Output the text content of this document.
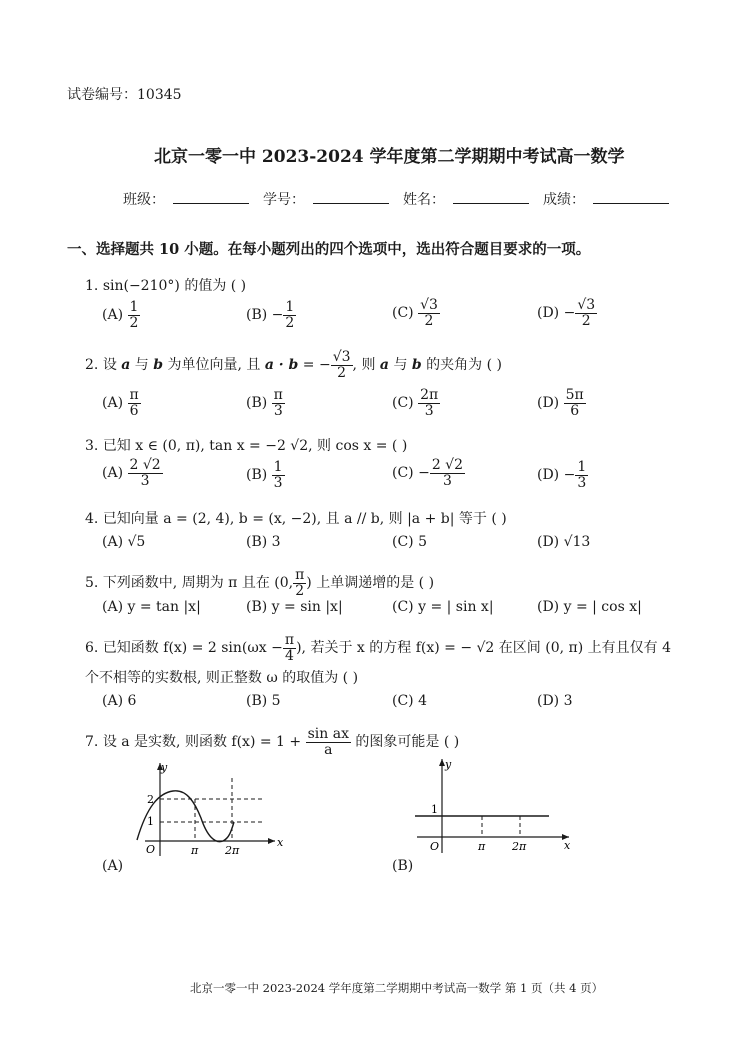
试卷编号：10345
北京一零一中 2023-2024 学年度第二学期期中考试高一数学
班级：	学号：	姓名：	成绩：
一、选择题共 10 小题。在每小题列出的四个选项中，选出符合题目要求的一项。
1. sin(−210°) 的值为 ( )
$(A) \frac{1}{2}$	$(B) - \frac{1}{2}$	$(C) \frac{√3}{2}$	$(D) - \frac{√3}{2}$
2. 设 a 与 b 为单位向量, 且 a · b = − $\frac{√3}{2}$ , 则 a 与 b 的夹角为 ( )
$(A) \frac{\pi}{6}$	$(B) \frac{\pi}{3}$	$(C) \frac{2\pi}{3}$	$(D) \frac{5\pi}{6}$
3. 已知 x ∈ (0, π), tan x = −2 √2, 则 cos x = ( )
$(A) \frac{2 √2}{3}$	$(B) \frac{1}{3}$	$(C) - \frac{2 √2}{3}$	$(D) - \frac{1}{3}$
4. 已知向量 a = (2, 4), b = (x, −2), 且 a // b, 则 |a + b| 等于 ( )
(A) √5	(B) 3	(C) 5	(D) √13
5. 下列函数中, 周期为 π 且在 (0, $\frac{\pi}{2}$ ) 上单调递增的是 ( )
(A) y = tan |x|	(B) y = sin |x|	(C) y = | sin x|	(D) y = | cos x|
6. 已知函数 f(x) = 2 $\sin(\omega x - \frac{\pi}{4}$ ), 若关于 x 的方程 f(x) = − √2 在区间 (0, π) 上有且仅有 4
个不相等的实数根, 则正整数 ω 的取值为 ( )
(A) 6	(B) 5	(C) 4	(D) 3
7. 设 a 是实数, 则函数 $f(x) = 1 + \frac{\text{sin ax}}{a}$ 的图象可能是 ( )
y
x
O
2
1
π 2π
(A)
y
x
O
1
π 2π
(B)
北京一零一中 2023-2024 学年度第二学期期中考试高一数学 第 1 页（共 4 页）
